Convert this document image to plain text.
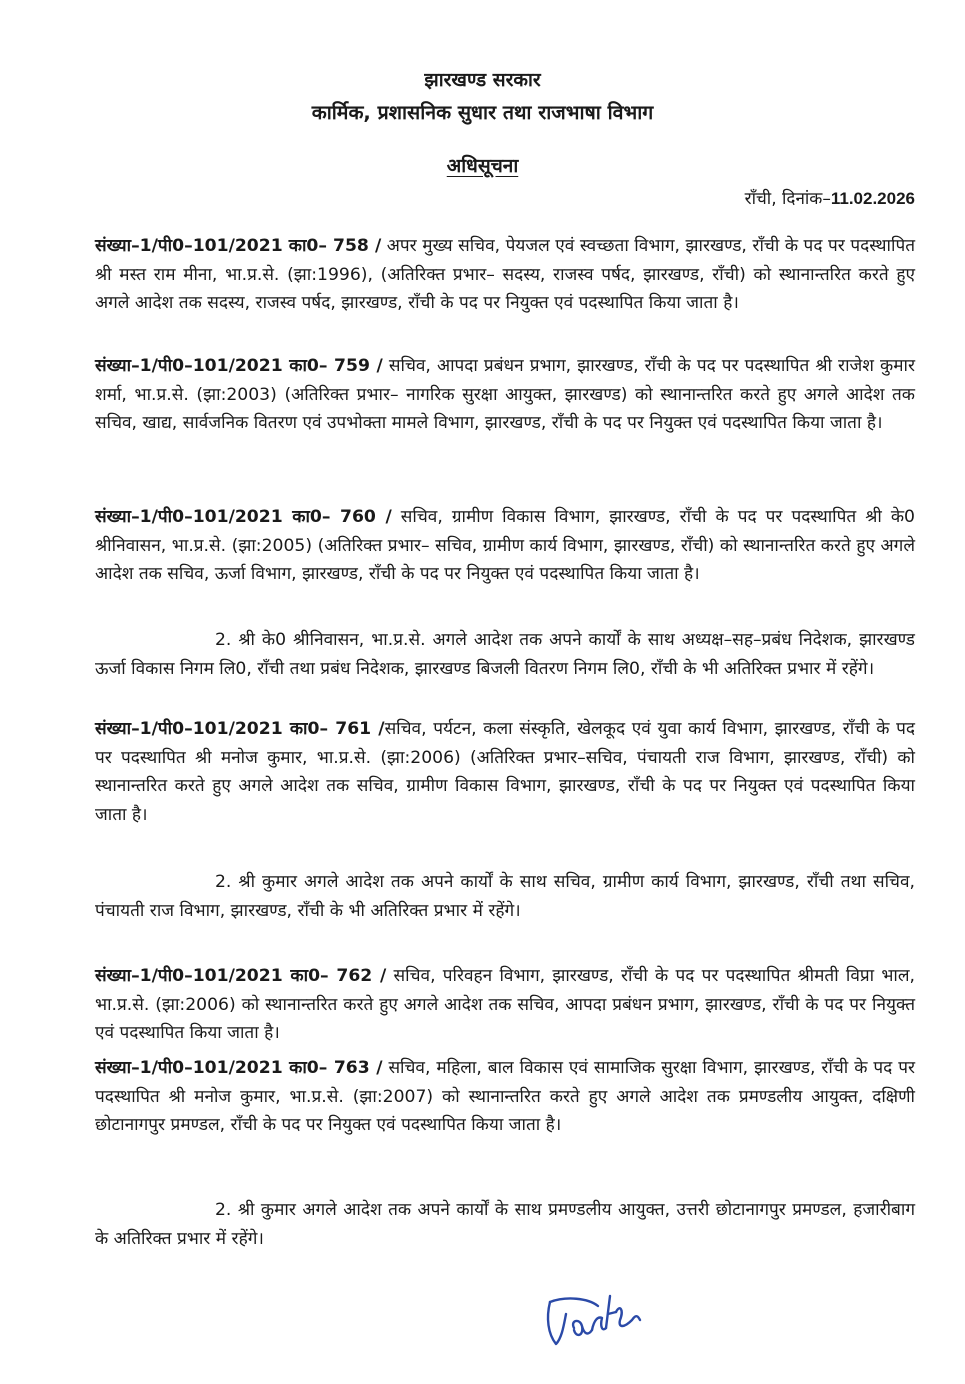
झारखण्ड सरकार
कार्मिक, प्रशासनिक सुधार तथा राजभाषा विभाग
अधिसूचना
राँची, दिनांक–11.02.2026
संख्या–1/पी0–101/2021 का0– 758 / अपर मुख्य सचिव, पेयजल एवं स्वच्छता विभाग, झारखण्ड, राँची के पद पर पदस्थापित श्री मस्त राम मीना, भा.प्र.से. (झा:1996), (अतिरिक्त प्रभार– सदस्य, राजस्व पर्षद, झारखण्ड, राँची) को स्थानान्तरित करते हुए अगले आदेश तक सदस्य, राजस्व पर्षद, झारखण्ड, राँची के पद पर नियुक्त एवं पदस्थापित किया जाता है।
संख्या–1/पी0–101/2021 का0– 759 / सचिव, आपदा प्रबंधन प्रभाग, झारखण्ड, राँची के पद पर पदस्थापित श्री राजेश कुमार शर्मा, भा.प्र.से. (झा:2003) (अतिरिक्त प्रभार– नागरिक सुरक्षा आयुक्त, झारखण्ड) को स्थानान्तरित करते हुए अगले आदेश तक सचिव, खाद्य, सार्वजनिक वितरण एवं उपभोक्ता मामले विभाग, झारखण्ड, राँची के पद पर नियुक्त एवं पदस्थापित किया जाता है।
संख्या–1/पी0–101/2021 का0– 760 / सचिव, ग्रामीण विकास विभाग, झारखण्ड, राँची के पद पर पदस्थापित श्री के0 श्रीनिवासन, भा.प्र.से. (झा:2005) (अतिरिक्त प्रभार– सचिव, ग्रामीण कार्य विभाग, झारखण्ड, राँची) को स्थानान्तरित करते हुए अगले आदेश तक सचिव, ऊर्जा विभाग, झारखण्ड, राँची के पद पर नियुक्त एवं पदस्थापित किया जाता है।
2. श्री के0 श्रीनिवासन, भा.प्र.से. अगले आदेश तक अपने कार्यों के साथ अध्यक्ष–सह–प्रबंध निदेशक, झारखण्ड ऊर्जा विकास निगम लि0, राँची तथा प्रबंध निदेशक, झारखण्ड बिजली वितरण निगम लि0, राँची के भी अतिरिक्त प्रभार में रहेंगे।
संख्या–1/पी0–101/2021 का0– 761 /सचिव, पर्यटन, कला संस्कृति, खेलकूद एवं युवा कार्य विभाग, झारखण्ड, राँची के पद पर पदस्थापित श्री मनोज कुमार, भा.प्र.से. (झा:2006) (अतिरिक्त प्रभार–सचिव, पंचायती राज विभाग, झारखण्ड, राँची) को स्थानान्तरित करते हुए अगले आदेश तक सचिव, ग्रामीण विकास विभाग, झारखण्ड, राँची के पद पर नियुक्त एवं पदस्थापित किया जाता है।
2. श्री कुमार अगले आदेश तक अपने कार्यों के साथ सचिव, ग्रामीण कार्य विभाग, झारखण्ड, राँची तथा सचिव, पंचायती राज विभाग, झारखण्ड, राँची के भी अतिरिक्त प्रभार में रहेंगे।
संख्या–1/पी0–101/2021 का0– 762 / सचिव, परिवहन विभाग, झारखण्ड, राँची के पद पर पदस्थापित श्रीमती विप्रा भाल, भा.प्र.से. (झा:2006) को स्थानान्तरित करते हुए अगले आदेश तक सचिव, आपदा प्रबंधन प्रभाग, झारखण्ड, राँची के पद पर नियुक्त एवं पदस्थापित किया जाता है।
संख्या–1/पी0–101/2021 का0– 763 / सचिव, महिला, बाल विकास एवं सामाजिक सुरक्षा विभाग, झारखण्ड, राँची के पद पर पदस्थापित श्री मनोज कुमार, भा.प्र.से. (झा:2007) को स्थानान्तरित करते हुए अगले आदेश तक प्रमण्डलीय आयुक्त, दक्षिणी छोटानागपुर प्रमण्डल, राँची के पद पर नियुक्त एवं पदस्थापित किया जाता है।
2. श्री कुमार अगले आदेश तक अपने कार्यों के साथ प्रमण्डलीय आयुक्त, उत्तरी छोटानागपुर प्रमण्डल, हजारीबाग के अतिरिक्त प्रभार में रहेंगे।
